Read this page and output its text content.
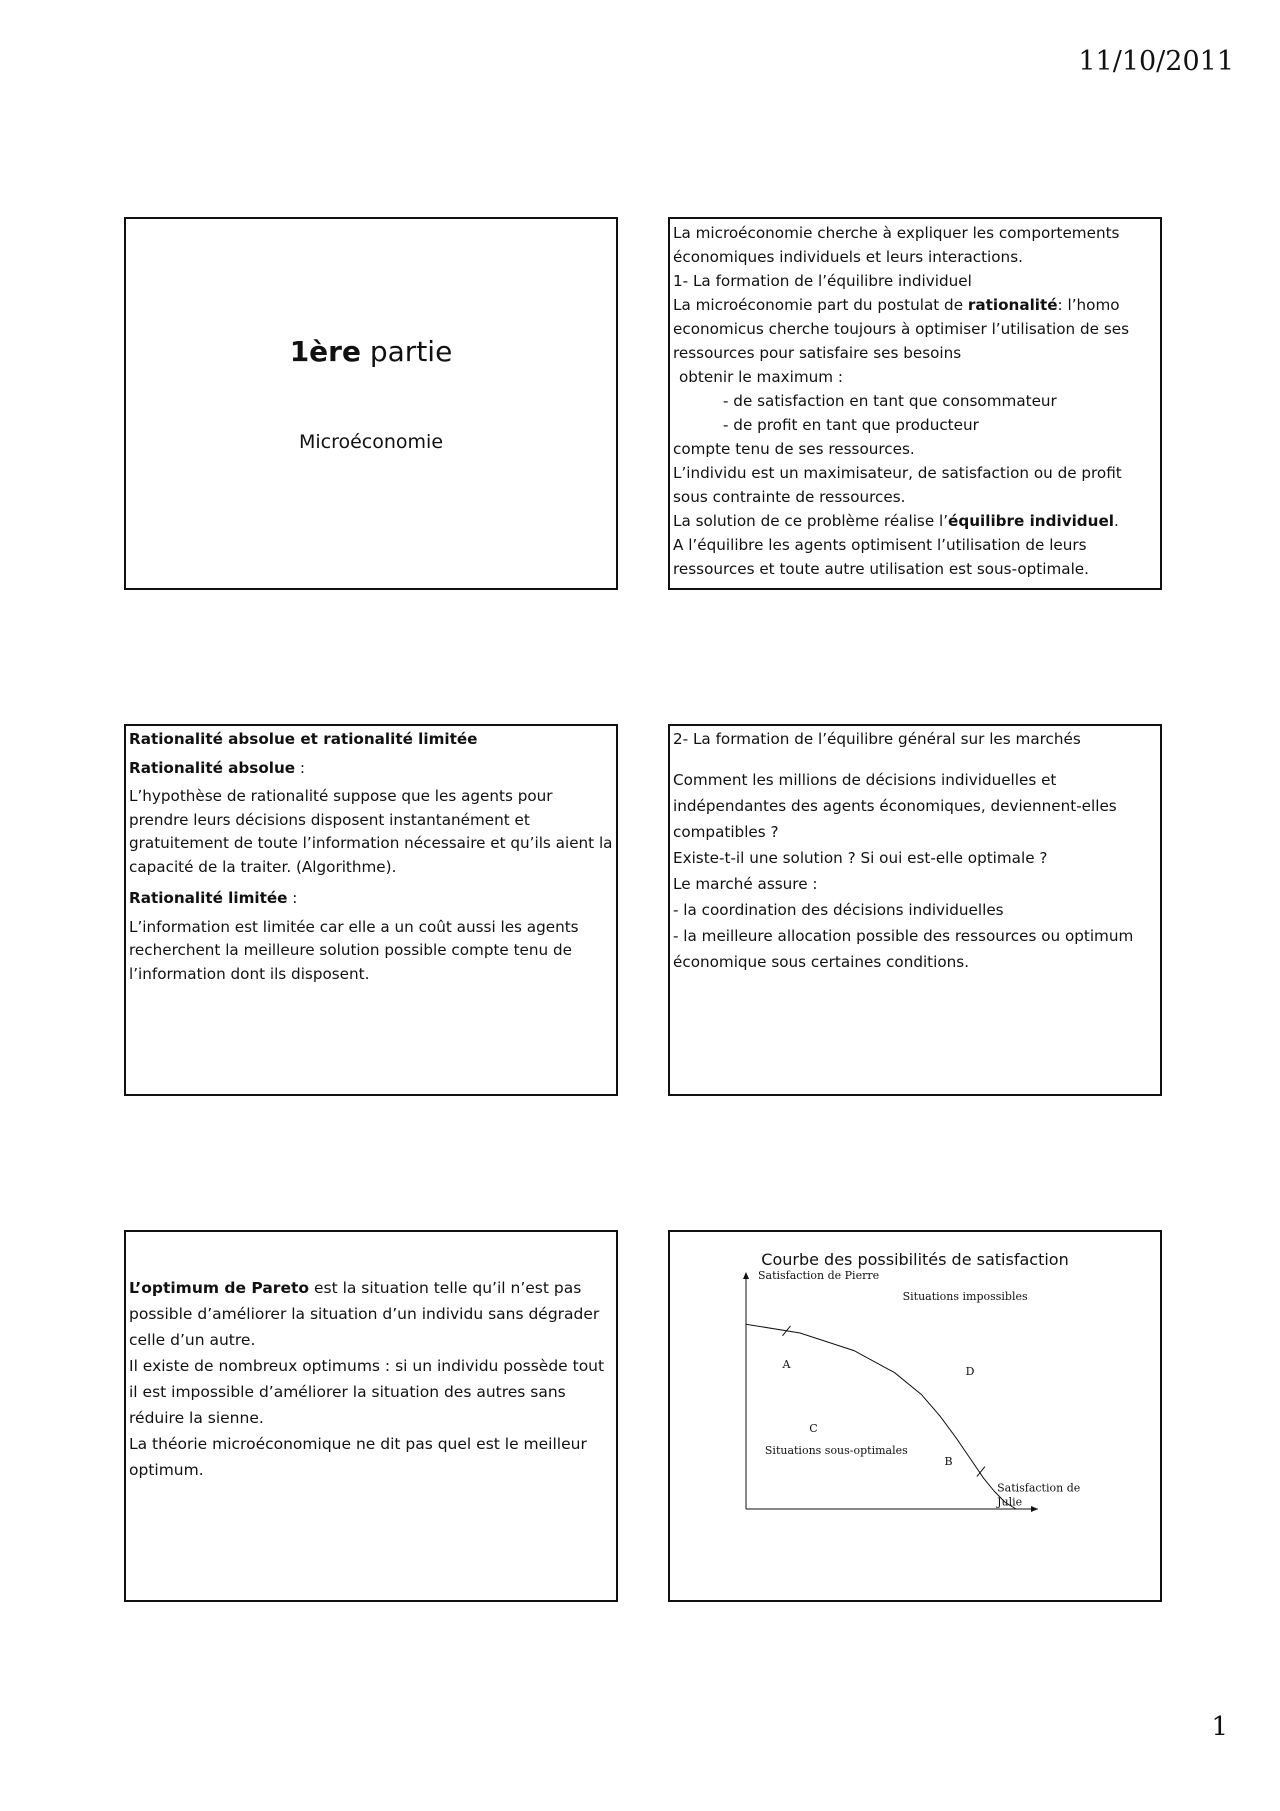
11/10/2011
1ère partie
Microéconomie

La microéconomie cherche à expliquer les comportements économiques individuels et leurs interactions.

1- La formation de l’équilibre individuel

La microéconomie part du postulat de rationalité: l’homo economicus cherche toujours à optimiser l’utilisation de ses ressources pour satisfaire ses besoins

obtenir le maximum :

- de satisfaction en tant que consommateur

- de profit en tant que producteur

compte tenu de ses ressources.

L’individu est un maximisateur, de satisfaction ou de profit sous contrainte de ressources.

La solution de ce problème réalise l’équilibre individuel.

A l’équilibre les agents optimisent l’utilisation de leurs ressources et toute autre utilisation est sous-optimale.

Rationalité absolue et rationalité limitée

Rationalité absolue :

L’hypothèse de rationalité suppose que les agents pour prendre leurs décisions disposent instantanément et gratuitement de toute l’information nécessaire et qu’ils aient la capacité de la traiter. (Algorithme).

Rationalité limitée :

L’information est limitée car elle a un coût aussi les agents recherchent la meilleure solution possible compte tenu de l’information dont ils disposent.

2- La formation de l’équilibre général sur les marchés

Comment les millions de décisions individuelles et indépendantes des agents économiques, deviennent-elles compatibles ?

Existe-t-il une solution ? Si oui est-elle optimale ?

Le marché assure :

- la coordination des décisions individuelles

- la meilleure allocation possible des ressources ou optimum économique sous certaines conditions.

L’optimum de Pareto est la situation telle qu’il n’est pas possible d’améliorer la situation d’un individu sans dégrader celle d’un autre.

Il existe de nombreux optimums : si un individu possède tout il est impossible d’améliorer la situation des autres sans réduire la sienne.

La théorie microéconomique ne dit pas quel est le meilleur optimum.

Courbe des possibilités de satisfaction
A
B
C
D
Satisfaction de Pierre
Satisfaction de
Julie
Situations impossibles
Situations sous-optimales
1
